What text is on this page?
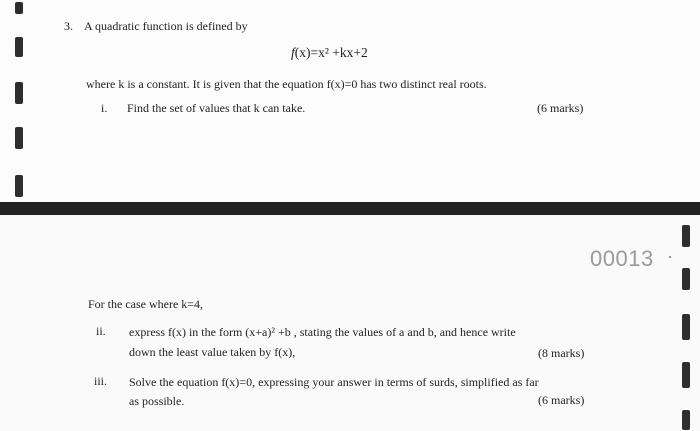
3. A quadratic function is defined by
f(x)=x² +kx+2
where k is a constant. It is given that the equation f(x)=0 has two distinct real roots.
i. Find the set of values that k can take.	(6 marks)
00013
For the case where k=4,
ii. express f(x) in the form (x+a)² +b , stating the values of a and b, and hence write
down the least value taken by f(x),	(8 marks)
iii. Solve the equation f(x)=0, expressing your answer in terms of surds, simplified as far
as possible.	(6 marks)
